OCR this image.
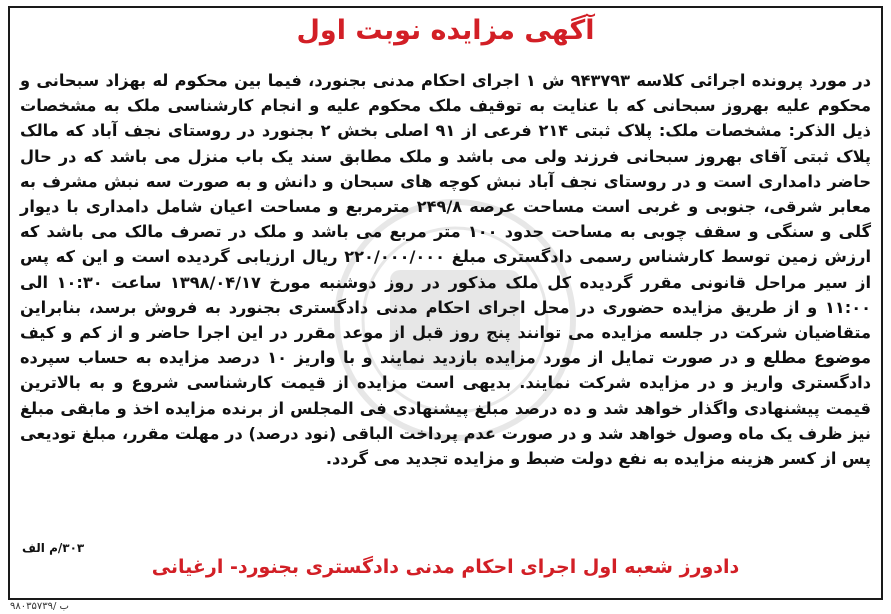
آگهی مزایده نوبت اول
در مورد پرونده اجرائی کلاسه ۹۴۳۷۹۳ ش ۱ اجرای احکام مدنی بجنورد، فیما بین محکوم له بهزاد سبحانی و محکوم علیه بهروز سبحانی که با عنایت به توقیف ملک محکوم علیه و انجام کارشناسی ملک به مشخصات ذیل الذکر: مشخصات ملک: پلاک ثبتی ۲۱۴ فرعی از ۹۱ اصلی بخش ۲ بجنورد در روستای نجف آباد که مالک پلاک ثبتی آقای بهروز سبحانی فرزند ولی می باشد و ملک مطابق سند یک باب منزل می باشد که در حال حاضر دامداری است و در روستای نجف آباد نبش کوچه های سبحان و دانش و به صورت سه نبش مشرف به معابر شرقی، جنوبی و غربی است مساحت عرصه ۲۴۹/۸ مترمربع و مساحت اعیان شامل دامداری با دیوار گلی و سنگی و سقف چوبی به مساحت حدود ۱۰۰ متر مربع می باشد و ملک در تصرف مالک می باشد که ارزش زمین توسط کارشناس رسمی دادگستری مبلغ ۲۲۰/۰۰۰/۰۰۰ ریال ارزیابی گردیده است و این که پس از سیر مراحل قانونی مقرر گردیده کل ملک مذکور در روز دوشنبه مورخ ۱۳۹۸/۰۴/۱۷ ساعت ۱۰:۳۰ الی ۱۱:۰۰ و از طریق مزایده حضوری در محل اجرای احکام مدنی دادگستری بجنورد به فروش برسد، بنابراین متقاضیان شرکت در جلسه مزایده می توانند پنج روز قبل از موعد مقرر در این اجرا حاضر و از کم و کیف موضوع مطلع و در صورت تمایل از مورد مزایده بازدید نمایند و با واریز ۱۰ درصد مزایده به حساب سپرده دادگستری واریز و در مزایده شرکت نمایند. بدیهی است مزایده از قیمت کارشناسی شروع و به بالاترین قیمت پیشنهادی واگذار خواهد شد و ده درصد مبلغ پیشنهادی فی المجلس از برنده مزایده اخذ و مابقی مبلغ نیز ظرف یک ماه وصول خواهد شد و در صورت عدم پرداخت الباقی (نود درصد) در مهلت مقرر، مبلغ تودیعی پس از کسر هزینه مزایده به نفع دولت ضبط و مزایده تجدید می گردد.
۳۰۳/م الف
دادورز شعبه اول اجرای احکام مدنی دادگستری بجنورد- ارغیانی
۹۸۰۳۵۷۳۹/ ب
